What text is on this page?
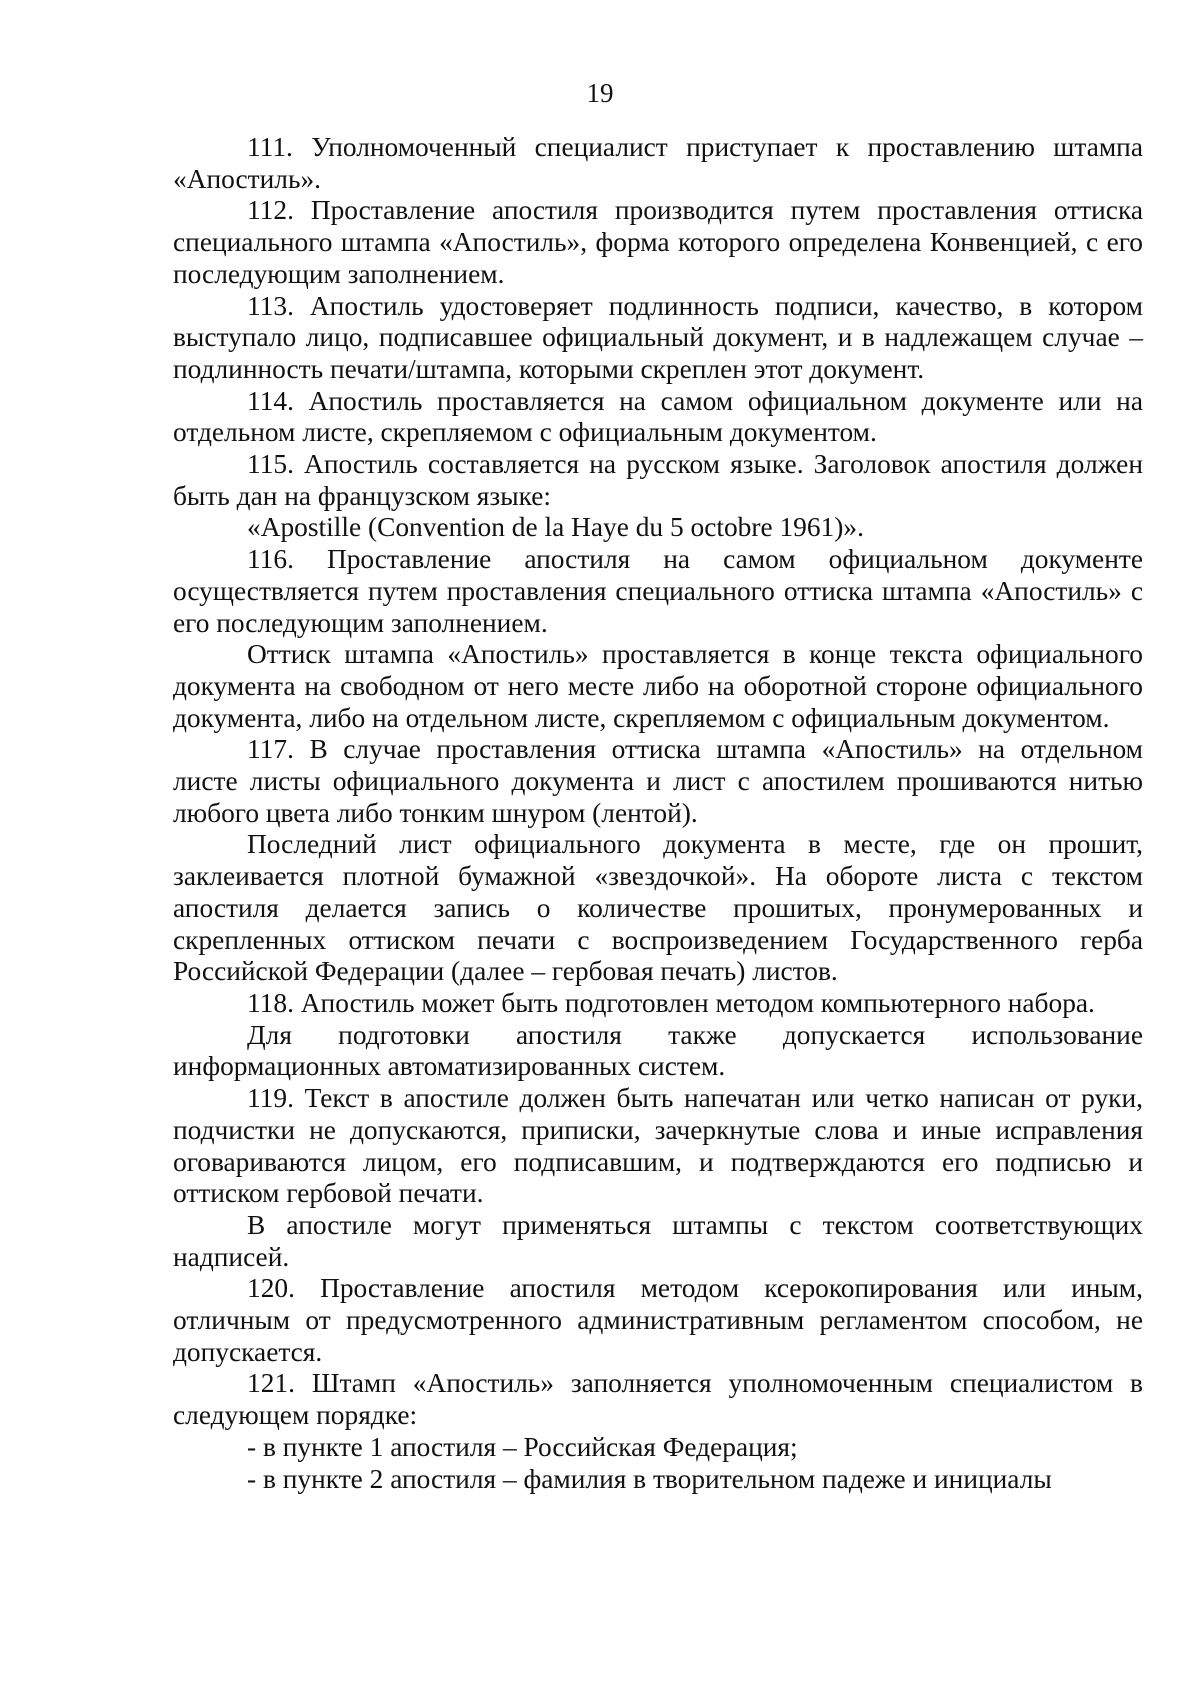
19

111. Уполномоченный специалист приступает к проставлению штампа «Апостиль».

112. Проставление апостиля производится путем проставления оттиска специального штампа «Апостиль», форма которого определена Конвенцией, с его последующим заполнением.

113. Апостиль удостоверяет подлинность подписи, качество, в котором выступало лицо, подписавшее официальный документ, и в надлежащем случае – подлинность печати/штампа, которыми скреплен этот документ.

114. Апостиль проставляется на самом официальном документе или на отдельном листе, скрепляемом с официальным документом.

115. Апостиль составляется на русском языке. Заголовок апостиля должен быть дан на французском языке:

«Apostille (Convention de la Haye du 5 octobre 1961)».

116. Проставление апостиля на самом официальном документе осуществляется путем проставления специального оттиска штампа «Апостиль» с его последующим заполнением.

Оттиск штампа «Апостиль» проставляется в конце текста официального документа на свободном от него месте либо на оборотной стороне официального документа, либо на отдельном листе, скрепляемом с официальным документом.

117. В случае проставления оттиска штампа «Апостиль» на отдельном листе листы официального документа и лист с апостилем прошиваются нитью любого цвета либо тонким шнуром (лентой).

Последний лист официального документа в месте, где он прошит, заклеивается плотной бумажной «звездочкой». На обороте листа с текстом апостиля делается запись о количестве прошитых, пронумерованных и скрепленных оттиском печати с воспроизведением Государственного герба Российской Федерации (далее – гербовая печать) листов.

118. Апостиль может быть подготовлен методом компьютерного набора.

Для подготовки апостиля также допускается использование информационных автоматизированных систем.

119. Текст в апостиле должен быть напечатан или четко написан от руки, подчистки не допускаются, приписки, зачеркнутые слова и иные исправления оговариваются лицом, его подписавшим, и подтверждаются его подписью и оттиском гербовой печати.

В апостиле могут применяться штампы с текстом соответствующих надписей.

120. Проставление апостиля методом ксерокопирования или иным, отличным от предусмотренного административным регламентом способом, не допускается.

121. Штамп «Апостиль» заполняется уполномоченным специалистом в следующем порядке:

- в пункте 1 апостиля – Российская Федерация;

- в пункте 2 апостиля – фамилия в творительном падеже и инициалы
